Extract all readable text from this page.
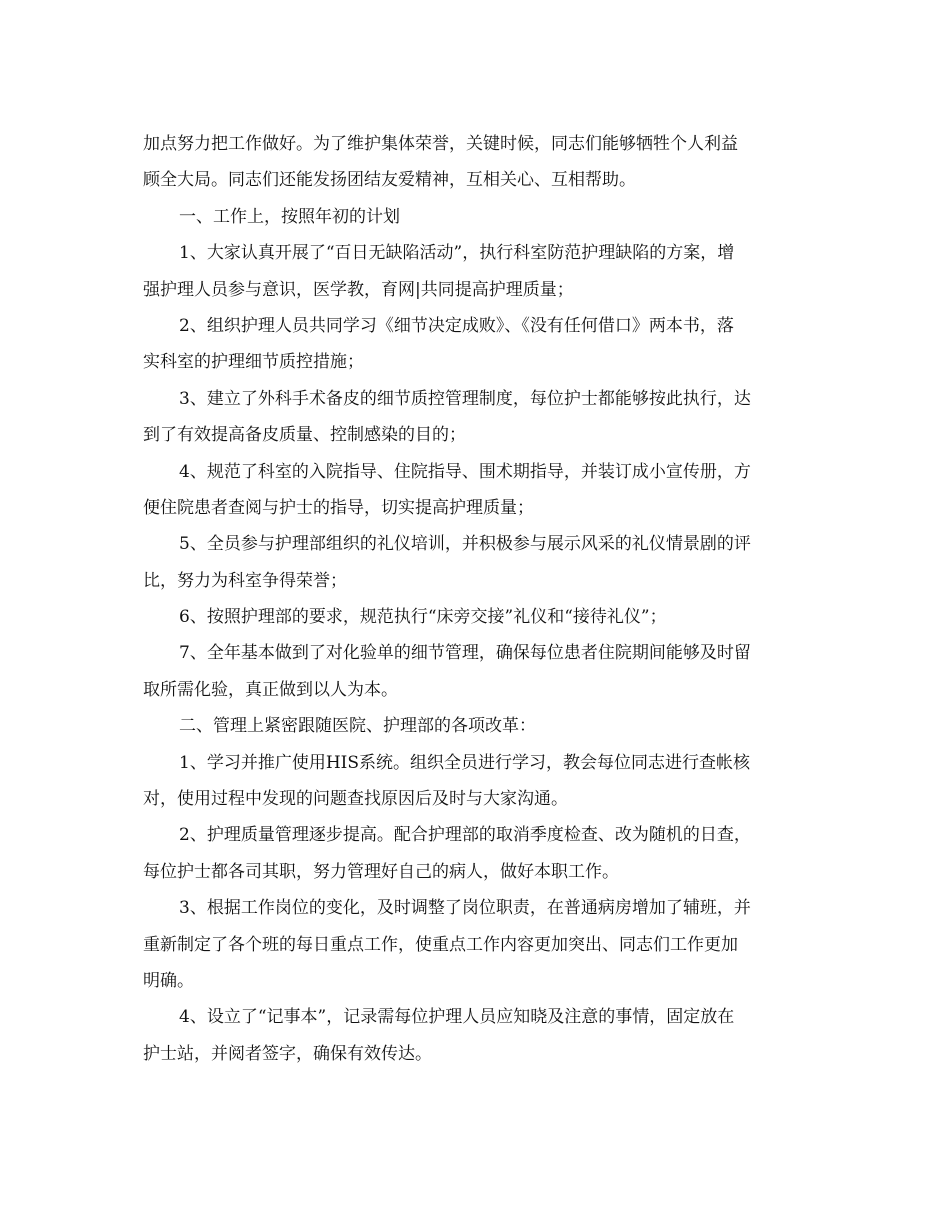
加点努力把工作做好。为了维护集体荣誉，关键时候，同志们能够牺牲个人利益
顾全大局。同志们还能发扬团结友爱精神，互相关心、互相帮助。
一、工作上，按照年初的计划
1、大家认真开展了“百日无缺陷活动”，执行科室防范护理缺陷的方案，增
强护理人员参与意识，医学教，育网|共同提高护理质量；
2、组织护理人员共同学习《细节决定成败》、《没有任何借口》两本书，落
实科室的护理细节质控措施；
3、建立了外科手术备皮的细节质控管理制度，每位护士都能够按此执行，达
到了有效提高备皮质量、控制感染的目的；
4、规范了科室的入院指导、住院指导、围术期指导，并装订成小宣传册，方
便住院患者查阅与护士的指导，切实提高护理质量；
5、全员参与护理部组织的礼仪培训，并积极参与展示风采的礼仪情景剧的评
比，努力为科室争得荣誉；
6、按照护理部的要求，规范执行“床旁交接”礼仪和“接待礼仪”；
7、全年基本做到了对化验单的细节管理，确保每位患者住院期间能够及时留
取所需化验，真正做到以人为本。
二、管理上紧密跟随医院、护理部的各项改革：
1、学习并推广使用HIS系统。组织全员进行学习，教会每位同志进行查帐核
对，使用过程中发现的问题查找原因后及时与大家沟通。
2、护理质量管理逐步提高。配合护理部的取消季度检查、改为随机的日查，
每位护士都各司其职，努力管理好自己的病人，做好本职工作。
3、根据工作岗位的变化，及时调整了岗位职责，在普通病房增加了辅班，并
重新制定了各个班的每日重点工作，使重点工作内容更加突出、同志们工作更加
明确。
4、设立了“记事本”，记录需每位护理人员应知晓及注意的事情，固定放在
护士站，并阅者签字，确保有效传达。
